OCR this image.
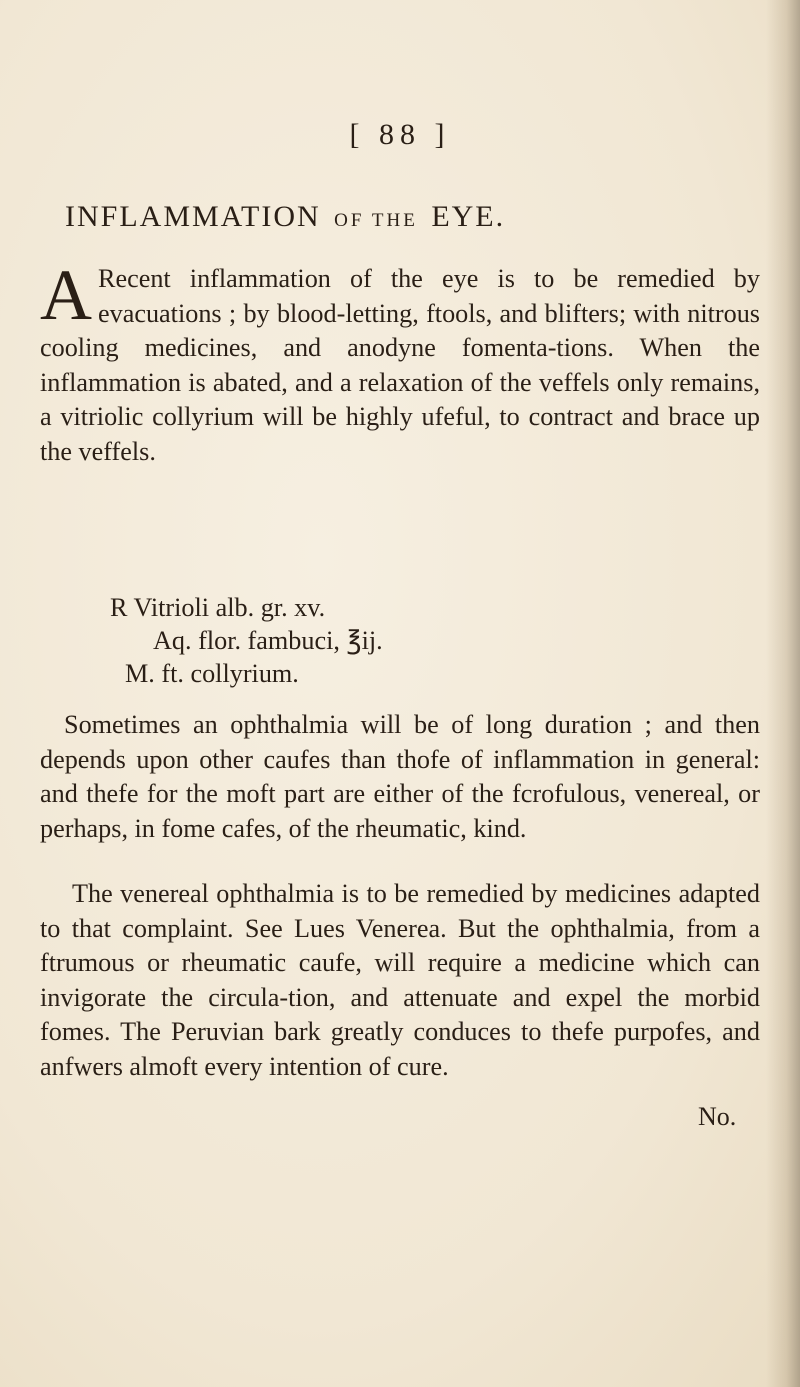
[ 88 ]
INFLAMMATION OF THE EYE.
A Recent inflammation of the eye is to be remedied by evacuations ; by blood-letting, ftools, and blifters; with nitrous cooling medicines, and anodyne fomenta-tions. When the inflammation is abated, and a relaxation of the veffels only remains, a vitriolic collyrium will be highly ufeful, to contract and brace up the veffels.
R Vitrioli alb. gr. xv.
Aq. flor. fambuci, ℥ij.
M. ft. collyrium.
Sometimes an ophthalmia will be of long duration ; and then depends upon other caufes than thofe of inflammation in general: and thefe for the moft part are either of the fcrofulous, venereal, or perhaps, in fome cafes, of the rheumatic, kind.
The venereal ophthalmia is to be remedied by medicines adapted to that complaint. See Lues Venerea. But the ophthalmia, from a ftrumous or rheumatic caufe, will require a medicine which can invigorate the circula-tion, and attenuate and expel the morbid fomes. The Peruvian bark greatly conduces to thefe purpofes, and anfwers almoft every intention of cure.
No.
